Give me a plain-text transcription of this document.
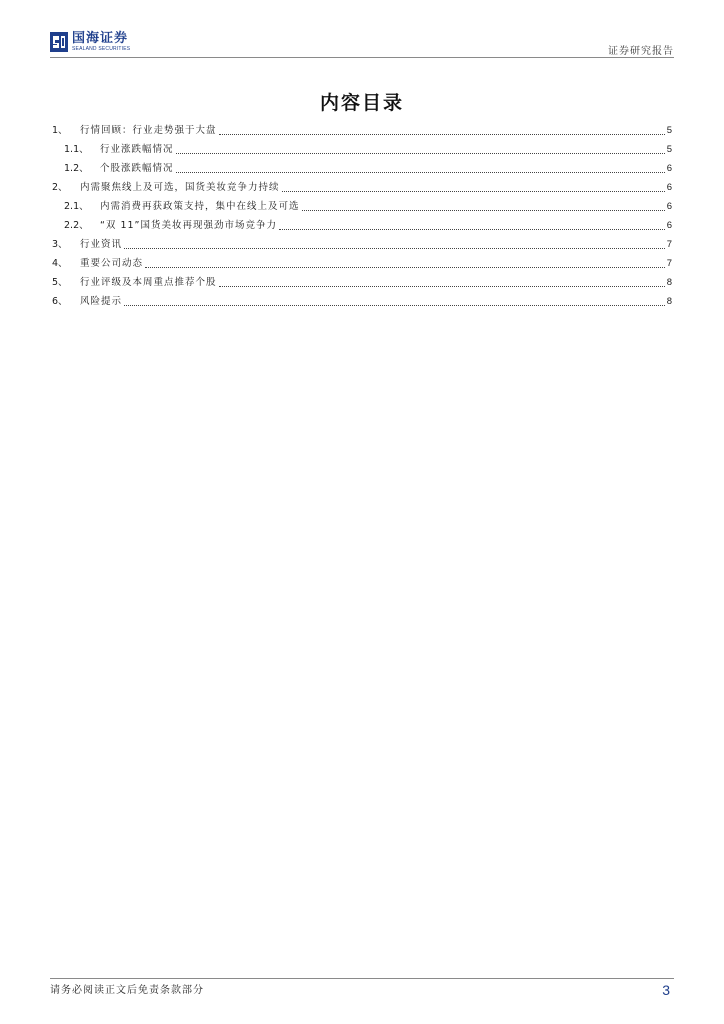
国海证券
SEALAND SECURITIES	证券研究报告
内容目录
1、	行情回顾：行业走势强于大盘	5
1.1、	行业涨跌幅情况	5
1.2、	个股涨跌幅情况	6
2、	内需聚焦线上及可选，国货美妆竞争力持续	6
2.1、	内需消费再获政策支持，集中在线上及可选	6
2.2、	“双 11”国货美妆再现强劲市场竞争力	6
3、	行业资讯	7
4、	重要公司动态	7
5、	行业评级及本周重点推荐个股	8
6、	风险提示	8
请务必阅读正文后免责条款部分	3
